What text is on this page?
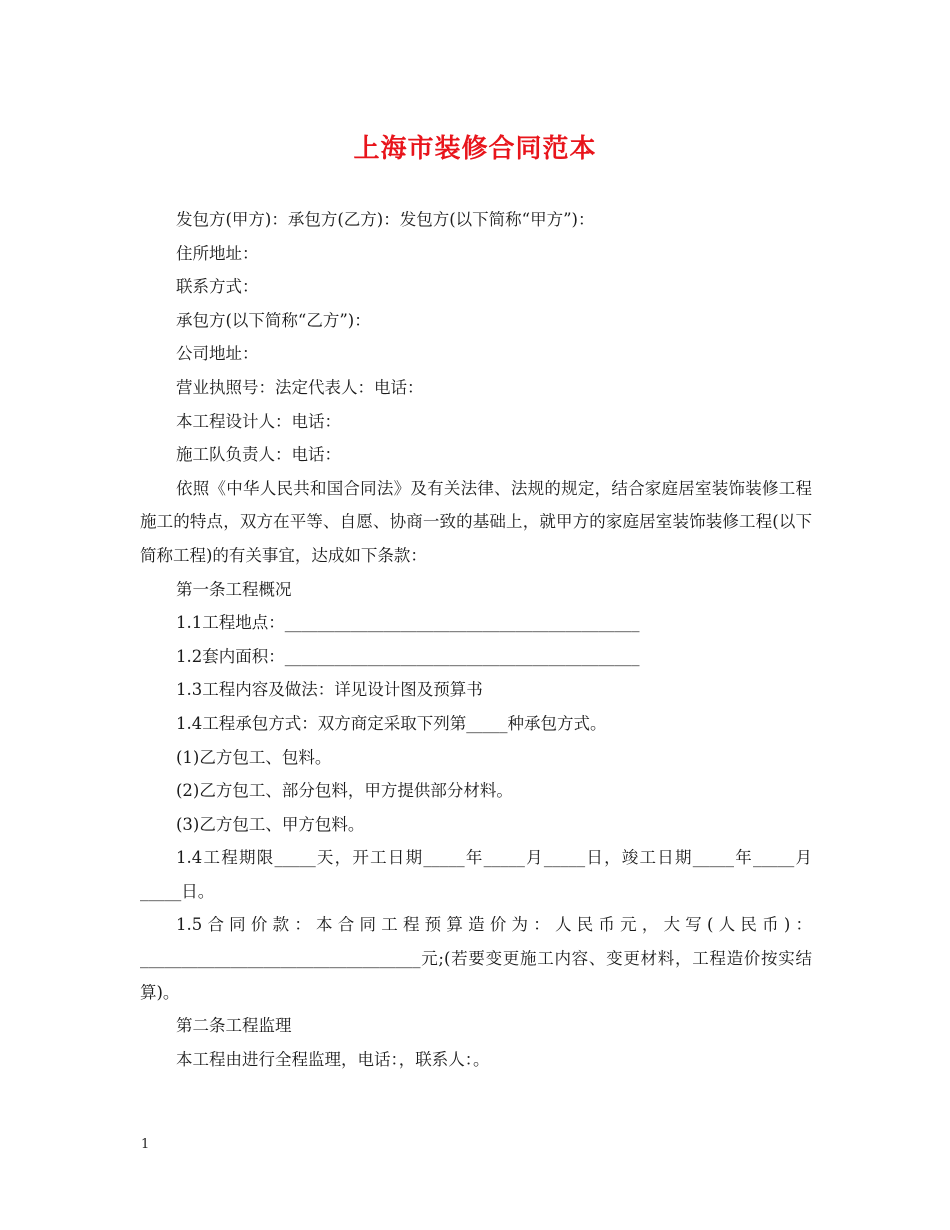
上海市装修合同范本

发包方(甲方)：承包方(乙方)：发包方(以下简称“甲方”)：

住所地址：

联系方式：

承包方(以下简称“乙方”)：

公司地址：

营业执照号：法定代表人：电话：

本工程设计人：电话：

施工队负责人：电话：

依照《中华人民共和国合同法》及有关法律、法规的规定，结合家庭居室装饰装修工程施工的特点，双方在平等、自愿、协商一致的基础上，就甲方的家庭居室装饰装修工程(以下简称工程)的有关事宜，达成如下条款：

第一条工程概况

1.1工程地点：___________________________________________

1.2套内面积：___________________________________________

1.3工程内容及做法：详见设计图及预算书

1.4工程承包方式：双方商定采取下列第_____种承包方式。

(1)乙方包工、包料。

(2)乙方包工、部分包料，甲方提供部分材料。

(3)乙方包工、甲方包料。

1.4工程期限_____天，开工日期_____年_____月_____日，竣工日期_____年_____月_____日。

1.5合同价款：本合同工程预算造价为：人民币元，大写(人民币)：__________________________________元;(若要变更施工内容、变更材料，工程造价按实结算)。

第二条工程监理

本工程由进行全程监理，电话：，联系人：。

1
